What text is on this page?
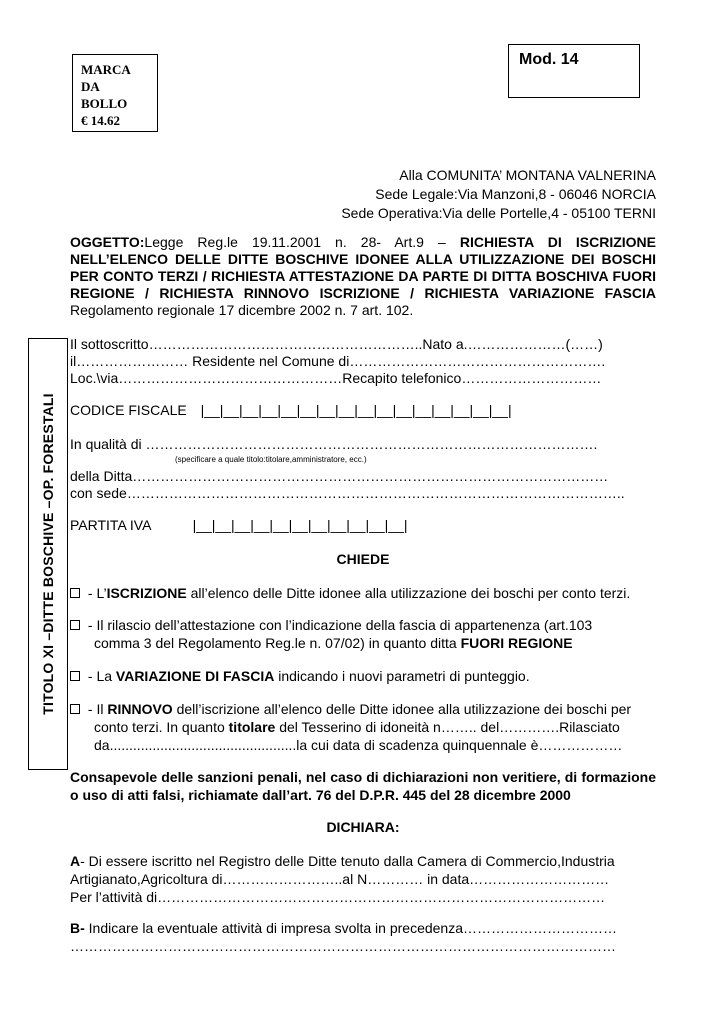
MARCA
DA
BOLLO
€ 14.62
Mod. 14
TITOLO XI –DITTE BOSCHIVE –OP. FORESTALI
Alla COMUNITA’ MONTANA VALNERINA
Sede Legale:Via Manzoni,8 - 06046 NORCIA
Sede Operativa:Via delle Portelle,4 - 05100 TERNI
OGGETTO:Legge Reg.le 19.11.2001 n. 28- Art.9 – RICHIESTA DI ISCRIZIONE NELL’ELENCO DELLE DITTE BOSCHIVE IDONEE ALLA UTILIZZAZIONE DEI BOSCHI PER CONTO TERZI / RICHIESTA ATTESTAZIONE DA PARTE DI DITTA BOSCHIVA FUORI REGIONE / RICHIESTA RINNOVO ISCRIZIONE / RICHIESTA VARIAZIONE FASCIA Regolamento regionale 17 dicembre 2002 n. 7 art. 102.
Il sottoscritto…………………………………………………..Nato a.…………………(……)
il…………………… Residente nel Comune di……………………………………………….
Loc.\via…………………………………………Recapito telefonico…………………………
CODICE FISCALE |__|__|__|__|__|__|__|__|__|__|__|__|__|__|__|__|
In qualità di …………………………………………………………………………………….
(specificare a quale titolo:titolare,amministratore, ecc.)
della Ditta…………………………………………………………………………………………
con sede……………………………………………………………………………………………..
PARTITA IVA	|__|__|__|__|__|__|__|__|__|__|__|
CHIEDE
- L’ISCRIZIONE all’elenco delle Ditte idonee alla utilizzazione dei boschi per conto terzi.
- Il rilascio dell’attestazione con l’indicazione della fascia di appartenenza (art.103
comma 3 del Regolamento Reg.le n. 07/02) in quanto ditta FUORI REGIONE
- La VARIAZIONE DI FASCIA indicando i nuovi parametri di punteggio.
- Il RINNOVO dell’iscrizione all’elenco delle Ditte idonee alla utilizzazione dei boschi per
conto terzi. In quanto titolare del Tesserino di idoneità n…….. del………….Rilasciato
da................................................la cui data di scadenza quinquennale è………………
Consapevole delle sanzioni penali, nel caso di dichiarazioni non veritiere, di formazione o uso di atti falsi, richiamate dall’art. 76 del D.P.R. 445 del 28 dicembre 2000
DICHIARA:
A- Di essere iscritto nel Registro delle Ditte tenuto dalla Camera di Commercio,Industria
Artigianato,Agricoltura di……………………..al N………… in data…………………………
Per l’attività di……………………………………………………………………………………
B- Indicare la eventuale attività di impresa svolta in precedenza……………………………
………………………………………………………………………………………………………
